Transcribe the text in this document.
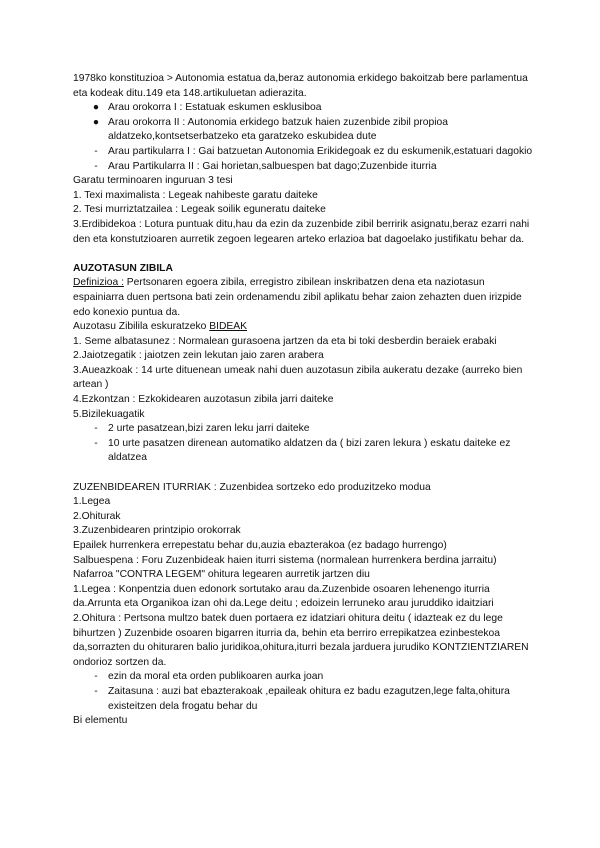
1978ko konstituzioa > Autonomia estatua da,beraz autonomia erkidego bakoitzab bere parlamentua eta kodeak ditu.149 eta 148.artikuluetan adierazita.

● Arau orokorra I : Estatuak eskumen esklusiboa
● Arau orokorra II : Autonomia erkidego batzuk haien zuzenbide zibil propioa aldatzeko,kontsetserbatzeko eta garatzeko eskubidea dute
- Arau partikularra I : Gai batzuetan Autonomia Erikidegoak ez du eskumenik,estatuari dagokio
- Arau Partikularra II : Gai horietan,salbuespen bat dago;Zuzenbide iturria

Garatu terminoaren inguruan 3 tesi

1. Texi maximalista : Legeak nahibeste garatu daiteke

2. Tesi murriztatzailea : Legeak soilik eguneratu daiteke

3.Erdibidekoa : Lotura puntuak ditu,hau da ezin da zuzenbide zibil berririk asignatu,beraz ezarri nahi den eta konstutzioaren aurretik zegoen legearen arteko erlazioa bat dagoelako justifikatu behar da.

AUZOTASUN ZIBILA

Definizioa : Pertsonaren egoera zibila, erregistro zibilean inskribatzen dena eta naziotasun espainiarra duen pertsona bati zein ordenamendu zibil aplikatu behar zaion zehazten duen irizpide edo konexio puntua da.

Auzotasu Zibilila eskuratzeko BIDEAK

1. Seme albatasunez : Normalean gurasoena jartzen da eta bi toki desberdin beraiek erabaki

2.Jaiotzegatik : jaiotzen zein lekutan jaio zaren arabera

3.Aueazkoak : 14 urte dituenean umeak nahi duen auzotasun zibila aukeratu dezake (aurreko bien artean )

4.Ezkontzan : Ezkokidearen auzotasun zibila jarri daiteke

5.Bizilekuagatik

- 2 urte pasatzean,bizi zaren leku jarri daiteke
- 10 urte pasatzen direnean automatiko aldatzen da ( bizi zaren lekura ) eskatu daiteke ez aldatzea

ZUZENBIDEAREN ITURRIAK : Zuzenbidea sortzeko edo produzitzeko modua

1.Legea

2.Ohiturak

3.Zuzenbidearen printzipio orokorrak

Epailek hurrenkera errepestatu behar du,auzia ebazterakoa (ez badago hurrengo)

Salbuespena : Foru Zuzenbideak haien iturri sistema (normalean hurrenkera berdina jarraitu) Nafarroa "CONTRA LEGEM" ohitura legearen aurretik jartzen diu

1.Legea : Konpentzia duen edonork sortutako arau da.Zuzenbide osoaren lehenengo iturria da.Arrunta eta Organikoa izan ohi da.Lege deitu ; edoizein lerruneko arau juruddiko idaitziari

2.Ohitura : Pertsona multzo batek duen portaera ez idatziari ohitura deitu ( idazteak ez du lege bihurtzen ) Zuzenbide osoaren bigarren iturria da, behin eta berriro errepikatzea ezinbestekoa da,sorrazten du ohituraren balio juridikoa,ohitura,iturri bezala jarduera jurudiko KONTZIENTZIAREN ondorioz sortzen da.

- ezin da moral eta orden publikoaren aurka joan
- Zaitasuna : auzi bat ebazterakoak ,epaileak ohitura ez badu ezagutzen,lege falta,ohitura existeitzen dela frogatu behar du

Bi elementu
